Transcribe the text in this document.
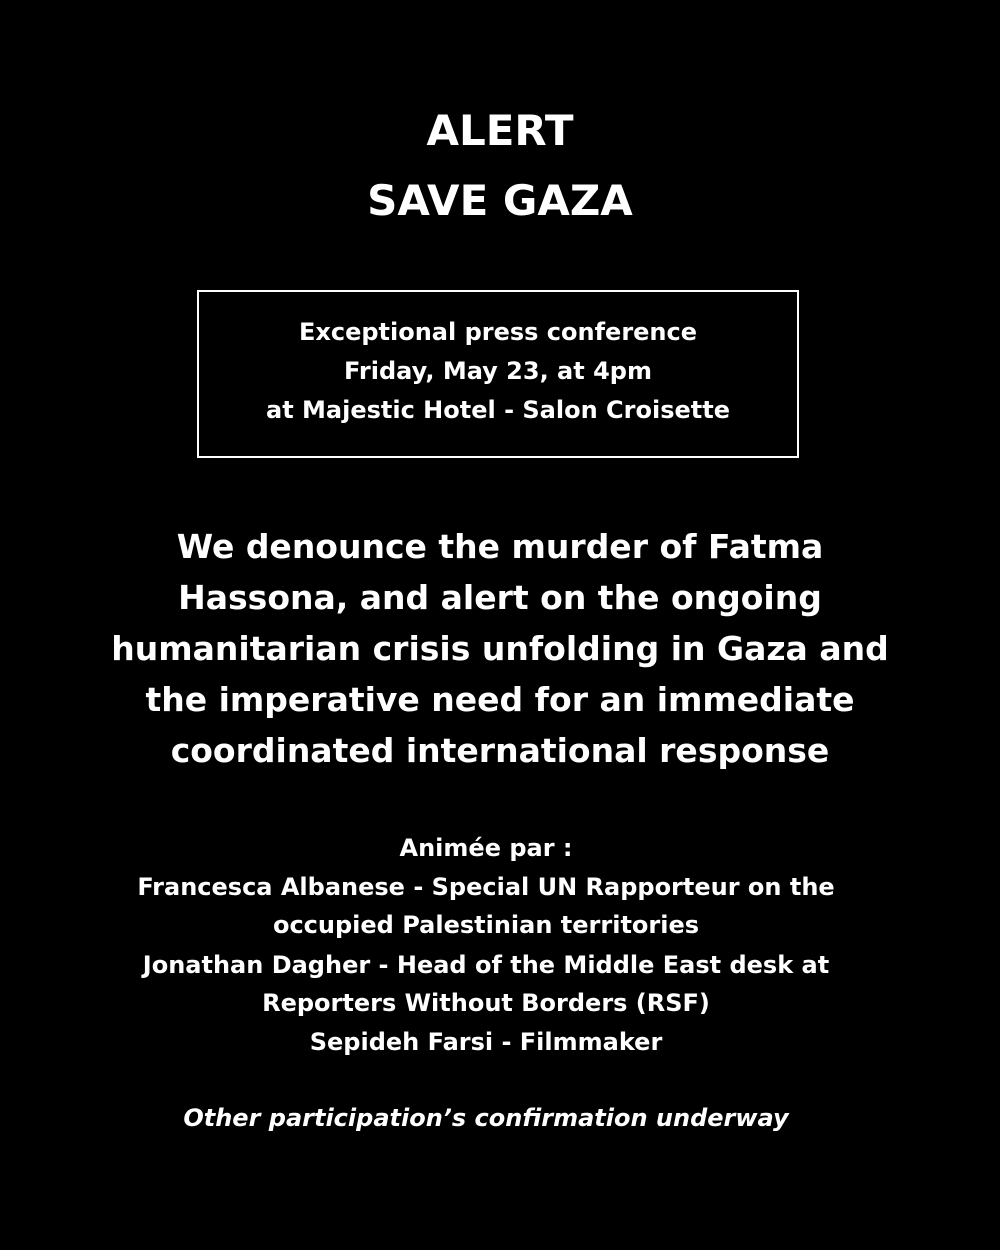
ALERT
SAVE GAZA
Exceptional press conference
Friday, May 23, at 4pm
at Majestic Hotel - Salon Croisette
We denounce the murder of Fatma
Hassona, and alert on the ongoing
humanitarian crisis unfolding in Gaza and
the imperative need for an immediate
coordinated international response
Animée par :
Francesca Albanese - Special UN Rapporteur on the
occupied Palestinian territories
Jonathan Dagher - Head of the Middle East desk at
Reporters Without Borders (RSF)
Sepideh Farsi - Filmmaker
Other participation’s confirmation underway
